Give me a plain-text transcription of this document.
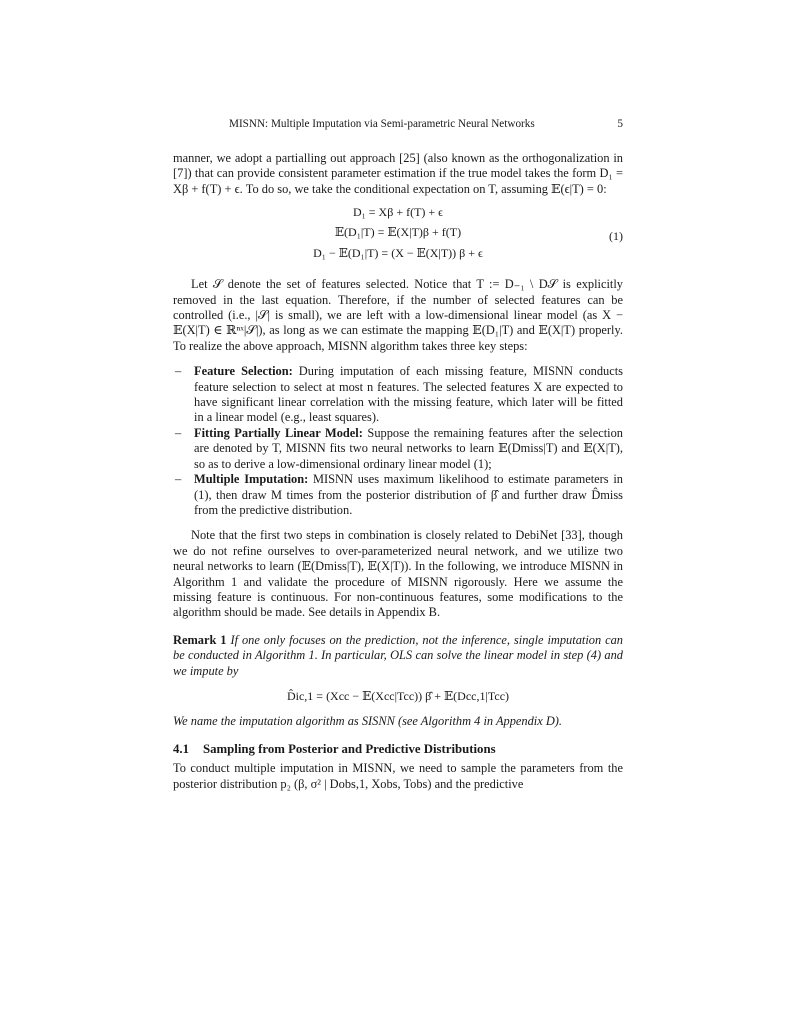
MISNN: Multiple Imputation via Semi-parametric Neural Networks	5

manner, we adopt a partialling out approach [25] (also known as the orthogonalization in [7]) that can provide consistent parameter estimation if the true model takes the form D₁ = Xβ + f(T) + ϵ. To do so, we take the conditional expectation on T, assuming 𝔼(ϵ|T) = 0:

D₁ = Xβ + f(T) + ϵ
𝔼(D₁|T) = 𝔼(X|T)β + f(T)
D₁ − 𝔼(D₁|T) = (X − 𝔼(X|T)) β + ϵ
(1)

Let 𝒮 denote the set of features selected. Notice that T := D₋₁ \ D𝒮 is explicitly removed in the last equation. Therefore, if the number of selected features can be controlled (i.e., |𝒮| is small), we are left with a low-dimensional linear model (as X − 𝔼(X|T) ∈ ℝⁿˣ|𝒮|), as long as we can estimate the mapping 𝔼(D₁|T) and 𝔼(X|T) properly. To realize the above approach, MISNN algorithm takes three key steps:

– Feature Selection: During imputation of each missing feature, MISNN conducts feature selection to select at most n features. The selected features X are expected to have significant linear correlation with the missing feature, which later will be fitted in a linear model (e.g., least squares).
– Fitting Partially Linear Model: Suppose the remaining features after the selection are denoted by T, MISNN fits two neural networks to learn 𝔼(Dmiss|T) and 𝔼(X|T), so as to derive a low-dimensional ordinary linear model (1);
– Multiple Imputation: MISNN uses maximum likelihood to estimate parameters in (1), then draw M times from the posterior distribution of β̂ and further draw D̂miss from the predictive distribution.

Note that the first two steps in combination is closely related to DebiNet [33], though we do not refine ourselves to over-parameterized neural network, and we utilize two neural networks to learn (𝔼(Dmiss|T), 𝔼(X|T)). In the following, we introduce MISNN in Algorithm 1 and validate the procedure of MISNN rigorously. Here we assume the missing feature is continuous. For non-continuous features, some modifications to the algorithm should be made. See details in Appendix B.

Remark 1 If one only focuses on the prediction, not the inference, single imputation can be conducted in Algorithm 1. In particular, OLS can solve the linear model in step (4) and we impute by

D̂ic,1 = (Xcc − 𝔼(Xcc|Tcc)) β̂ + 𝔼(Dcc,1|Tcc)

We name the imputation algorithm as SISNN (see Algorithm 4 in Appendix D).

4.1 Sampling from Posterior and Predictive Distributions

To conduct multiple imputation in MISNN, we need to sample the parameters from the posterior distribution p₂ (β, σ² | Dobs,1, Xobs, Tobs) and the predictive
